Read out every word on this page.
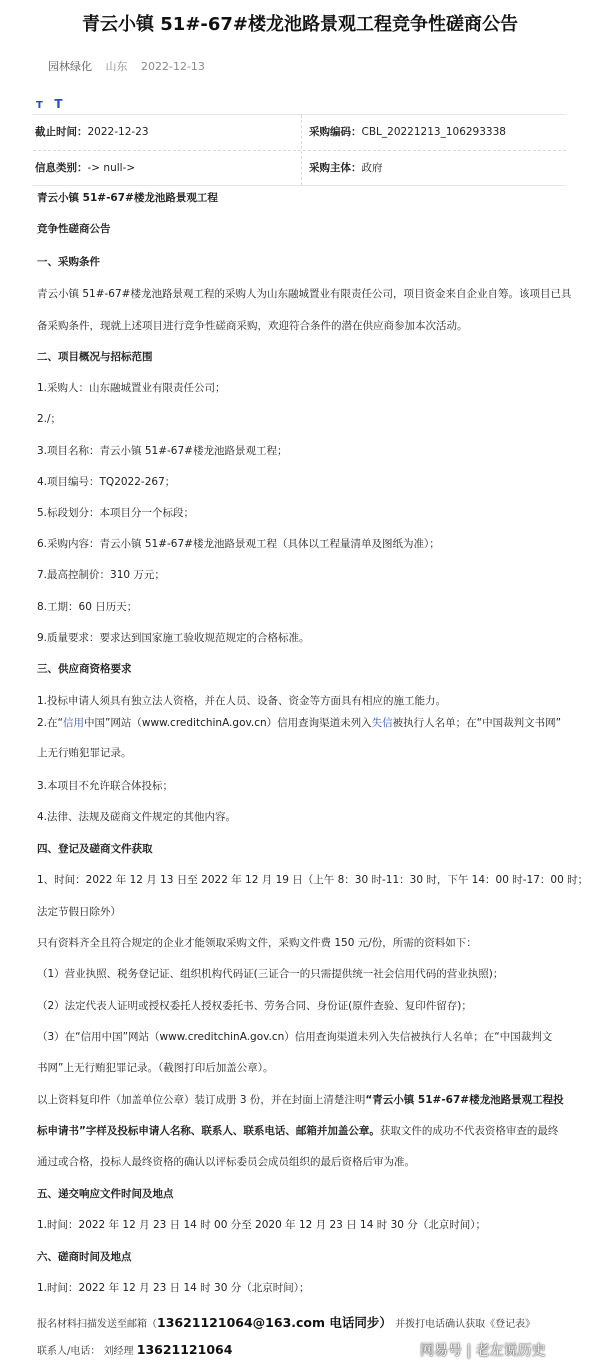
青云小镇 51#-67#楼龙池路景观工程竞争性磋商公告
园林绿化 山东 2022-12-13
T T
截止时间：2022-12-23	采购编码：CBL_20221213_106293338
信息类别：-> null->	采购主体：政府
青云小镇 51#-67#楼龙池路景观工程
竞争性磋商公告
一、采购条件
青云小镇 51#-67#楼龙池路景观工程的采购人为山东融城置业有限责任公司，项目资金来自企业自筹。该项目已具
备采购条件，现就上述项目进行竞争性磋商采购，欢迎符合条件的潜在供应商参加本次活动。
二、项目概况与招标范围
1.采购人：山东融城置业有限责任公司；
2./；
3.项目名称：青云小镇 51#-67#楼龙池路景观工程；
4.项目编号：TQ2022-267；
5.标段划分：本项目分一个标段；
6.采购内容：青云小镇 51#-67#楼龙池路景观工程（具体以工程量清单及图纸为准）；
7.最高控制价：310 万元；
8.工期：60 日历天；
9.质量要求：要求达到国家施工验收规范规定的合格标准。
三、供应商资格要求
1.投标申请人须具有独立法人资格，并在人员、设备、资金等方面具有相应的施工能力。
2.在“信用中国”网站（www.creditchinA.gov.cn）信用查询渠道未列入失信被执行人名单；在“中国裁判文书网”
上无行贿犯罪记录。
3.本项目不允许联合体投标；
4.法律、法规及磋商文件规定的其他内容。
四、登记及磋商文件获取
1、时间：2022 年 12 月 13 日至 2022 年 12 月 19 日（上午 8：30 时-11：30 时，下午 14：00 时-17：00 时；
法定节假日除外）
只有资料齐全且符合规定的企业才能领取采购文件，采购文件费 150 元/份，所需的资料如下：
（1）营业执照、税务登记证、组织机构代码证(三证合一的只需提供统一社会信用代码的营业执照)；
（2）法定代表人证明或授权委托人授权委托书、劳务合同、身份证(原件查验、复印件留存)；
（3）在“信用中国”网站（www.creditchinA.gov.cn）信用查询渠道未列入失信被执行人名单；在“中国裁判文
书网”上无行贿犯罪记录。（截图打印后加盖公章）。
以上资料复印件（加盖单位公章）装订成册 3 份，并在封面上清楚注明“青云小镇 51#-67#楼龙池路景观工程投
标申请书”字样及投标申请人名称、联系人、联系电话、邮箱并加盖公章。获取文件的成功不代表资格审查的最终
通过或合格，投标人最终资格的确认以评标委员会成员组织的最后资格后审为准。
五、递交响应文件时间及地点
1.时间：2022 年 12 月 23 日 14 时 00 分至 2020 年 12 月 23 日 14 时 30 分（北京时间）；
六、磋商时间及地点
1.时间：2022 年 12 月 23 日 14 时 30 分（北京时间）；
报名材料扫描发送至邮箱（13621121064@163.com 电话同步） 并拨打电话确认获取《登记表》
联系人/电话： 刘经理 13621121064	网易号 | 老左说历史
